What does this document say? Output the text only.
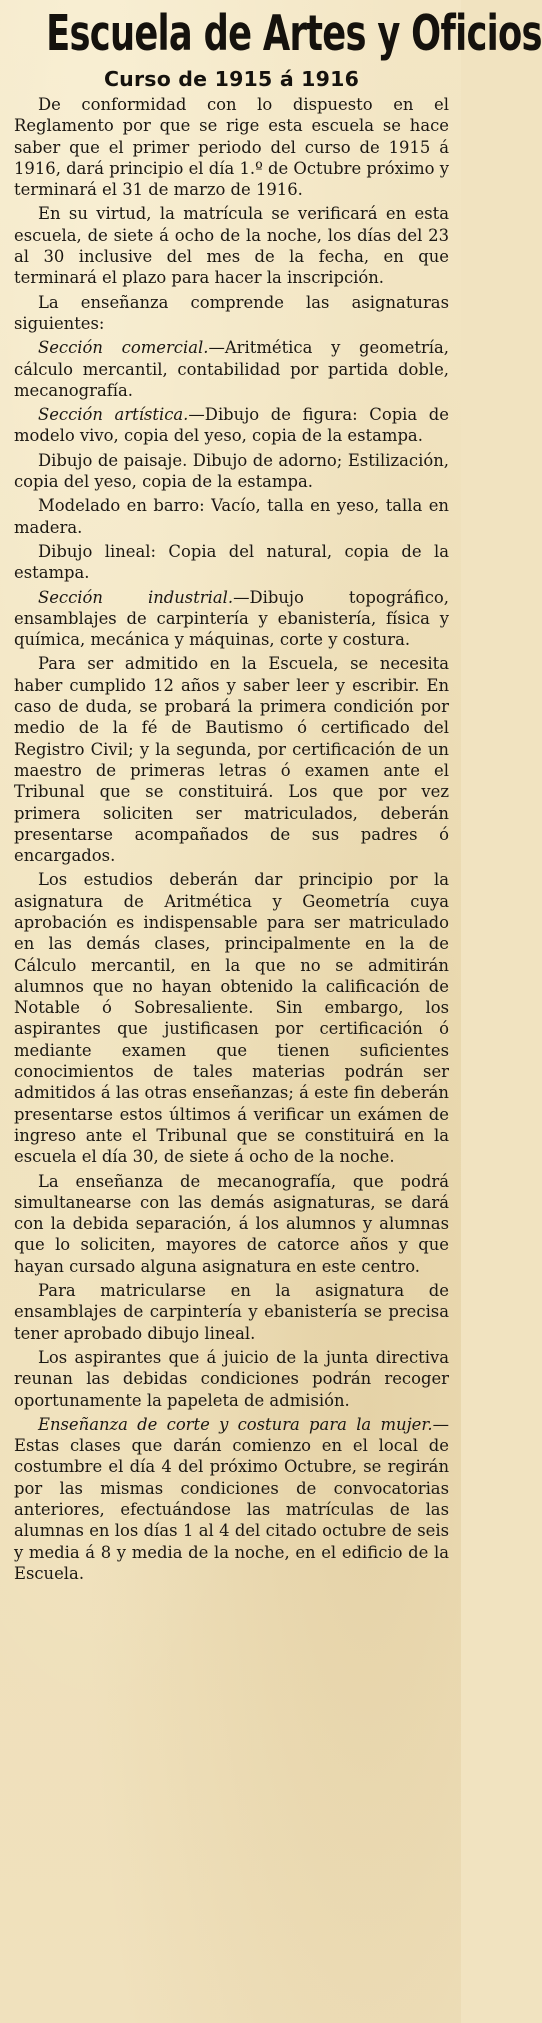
Escuela de Artes y Oficios
Curso de 1915 á 1916

De conformidad con lo dispuesto en el Reglamento por que se rige esta escuela se hace saber que el primer periodo del curso de 1915 á 1916, dará principio el día 1.º de Octubre próximo y terminará el 31 de marzo de 1916.

En su virtud, la matrícula se verificará en esta escuela, de siete á ocho de la noche, los días del 23 al 30 inclusive del mes de la fecha, en que terminará el plazo para hacer la inscripción.

La enseñanza comprende las asignaturas siguientes:

Sección comercial.—Aritmética y geometría, cálculo mercantil, contabilidad por partida doble, mecanografía.

Sección artística.—Dibujo de figura: Copia de modelo vivo, copia del yeso, copia de la estampa.

Dibujo de paisaje. Dibujo de adorno; Estilización, copia del yeso, copia de la estampa.

Modelado en barro: Vacío, talla en yeso, talla en madera.

Dibujo lineal: Copia del natural, copia de la estampa.

Sección industrial.—Dibujo topográfico, ensamblajes de carpintería y ebanistería, física y química, mecánica y máquinas, corte y costura.

Para ser admitido en la Escuela, se necesita haber cumplido 12 años y saber leer y escribir. En caso de duda, se probará la primera condición por medio de la fé de Bautismo ó certificado del Registro Civil; y la segunda, por certificación de un maestro de primeras letras ó examen ante el Tribunal que se constituirá. Los que por vez primera soliciten ser matriculados, deberán presentarse acompañados de sus padres ó encargados.

Los estudios deberán dar principio por la asignatura de Aritmética y Geometría cuya aprobación es indispensable para ser matriculado en las demás clases, principalmente en la de Cálculo mercantil, en la que no se admitirán alumnos que no hayan obtenido la calificación de Notable ó Sobresaliente. Sin embargo, los aspirantes que justificasen por certificación ó mediante examen que tienen suficientes conocimientos de tales materias podrán ser admitidos á las otras enseñanzas; á este fin deberán presentarse estos últimos á verificar un exámen de ingreso ante el Tribunal que se constituirá en la escuela el día 30, de siete á ocho de la noche.

La enseñanza de mecanografía, que podrá simultanearse con las demás asignaturas, se dará con la debida separación, á los alumnos y alumnas que lo soliciten, mayores de catorce años y que hayan cursado alguna asignatura en este centro.

Para matricularse en la asignatura de ensamblajes de carpintería y ebanistería se precisa tener aprobado dibujo lineal.

Los aspirantes que á juicio de la junta directiva reunan las debidas condiciones podrán recoger oportunamente la papeleta de admisión.

Enseñanza de corte y costura para la mujer.—Estas clases que darán comienzo en el local de costumbre el día 4 del próximo Octubre, se regirán por las mismas condiciones de convocatorias anteriores, efectuándose las matrículas de las alumnas en los días 1 al 4 del citado octubre de seis y media á 8 y media de la noche, en el edificio de la Escuela.
